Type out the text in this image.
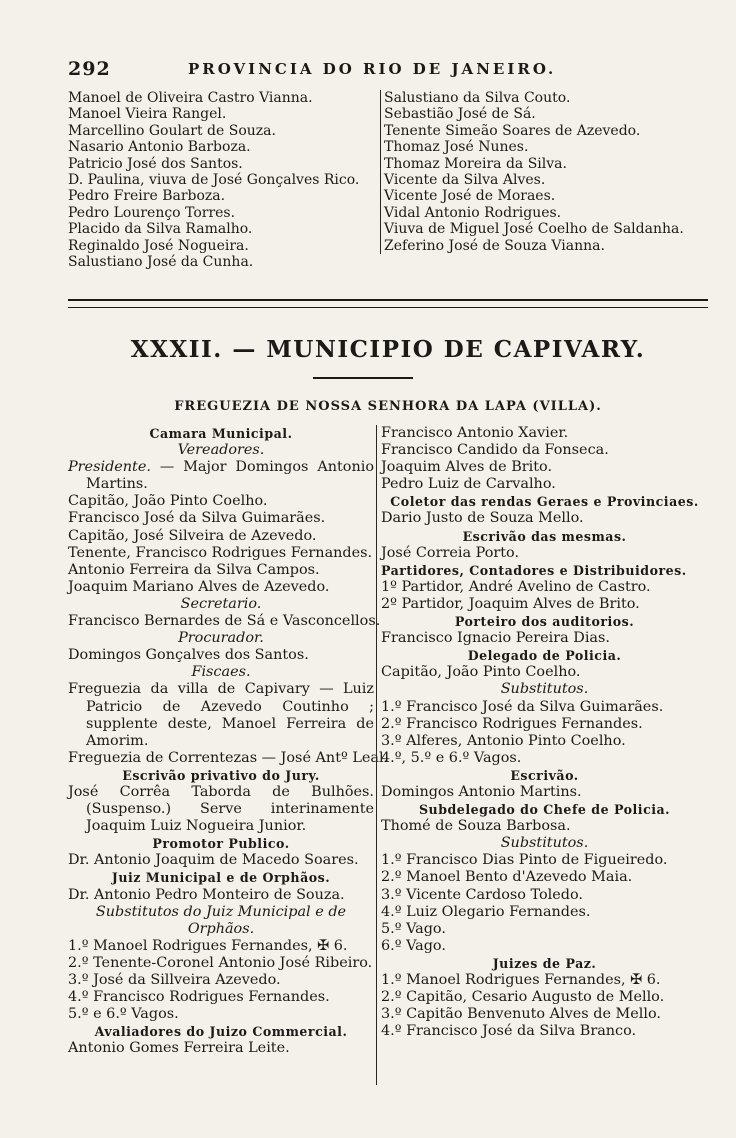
292	PROVINCIA DO RIO DE JANEIRO.
Manoel de Oliveira Castro Vianna.
Manoel Vieira Rangel.
Marcellino Goulart de Souza.
Nasario Antonio Barboza.
Patricio José dos Santos.
D. Paulina, viuva de José Gonçalves Rico.
Pedro Freire Barboza.
Pedro Lourenço Torres.
Placido da Silva Ramalho.
Reginaldo José Nogueira.
Salustiano José da Cunha.
Salustiano da Silva Couto.
Sebastião José de Sá.
Tenente Simeão Soares de Azevedo.
Thomaz José Nunes.
Thomaz Moreira da Silva.
Vicente da Silva Alves.
Vicente José de Moraes.
Vidal Antonio Rodrigues.
Viuva de Miguel José Coelho de Saldanha.
Zeferino José de Souza Vianna.
XXXII. — MUNICIPIO DE CAPIVARY.
FREGUEZIA DE NOSSA SENHORA DA LAPA (VILLA).
Camara Municipal.
Vereadores.
Presidente. — Major Domingos Antonio Martins.
Capitão, João Pinto Coelho.
Francisco José da Silva Guimarães.
Capitão, José Silveira de Azevedo.
Tenente, Francisco Rodrigues Fernandes.
Antonio Ferreira da Silva Campos.
Joaquim Mariano Alves de Azevedo.
Secretario.
Francisco Bernardes de Sá e Vasconcellos.
Procurador.
Domingos Gonçalves dos Santos.
Fiscaes.
Freguezia da villa de Capivary — Luiz Patricio de Azevedo Coutinho ; supplente deste, Manoel Ferreira de Amorim.
Freguezia de Correntezas — José Antº Leal.
Escrivão privativo do Jury.
José Corrêa Taborda de Bulhões. (Suspenso.) Serve interinamente Joaquim Luiz Nogueira Junior.
Promotor Publico.
Dr. Antonio Joaquim de Macedo Soares.
Juiz Municipal e de Orphãos.
Dr. Antonio Pedro Monteiro de Souza.
Substitutos do Juiz Municipal e de Orphãos.
1.º Manoel Rodrigues Fernandes, ✠ 6.
2.º Tenente-Coronel Antonio José Ribeiro.
3.º José da Sillveira Azevedo.
4.º Francisco Rodrigues Fernandes.
5.º e 6.º Vagos.
Avaliadores do Juizo Commercial.
Antonio Gomes Ferreira Leite.
Francisco Antonio Xavier.
Francisco Candido da Fonseca.
Joaquim Alves de Brito.
Pedro Luiz de Carvalho.
Coletor das rendas Geraes e Provinciaes.
Dario Justo de Souza Mello.
Escrivão das mesmas.
José Correia Porto.
Partidores, Contadores e Distribuidores.
1º Partidor, André Avelino de Castro.
2º Partidor, Joaquim Alves de Brito.
Porteiro dos auditorios.
Francisco Ignacio Pereira Dias.
Delegado de Policia.
Capitão, João Pinto Coelho.
Substitutos.
1.º Francisco José da Silva Guimarães.
2.º Francisco Rodrigues Fernandes.
3.º Alferes, Antonio Pinto Coelho.
4.º, 5.º e 6.º Vagos.
Escrivão.
Domingos Antonio Martins.
Subdelegado do Chefe de Policia.
Thomé de Souza Barbosa.
Substitutos.
1.º Francisco Dias Pinto de Figueiredo.
2.º Manoel Bento d'Azevedo Maia.
3.º Vicente Cardoso Toledo.
4.º Luiz Olegario Fernandes.
5.º Vago.
6.º Vago.
Juizes de Paz.
1.º Manoel Rodrigues Fernandes, ✠ 6.
2.º Capitão, Cesario Augusto de Mello.
3.º Capitão Benvenuto Alves de Mello.
4.º Francisco José da Silva Branco.
